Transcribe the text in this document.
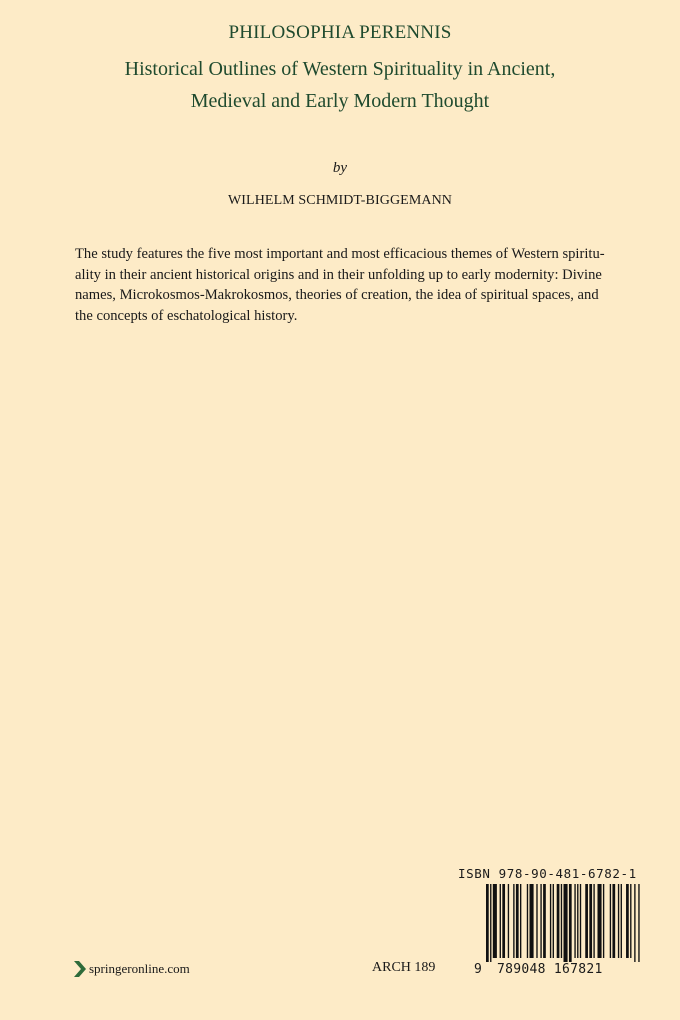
PHILOSOPHIA PERENNIS
Historical Outlines of Western Spirituality in Ancient,
Medieval and Early Modern Thought
by
WILHELM SCHMIDT-BIGGEMANN
The study features the five most important and most efficacious themes of Western spiritu-
ality in their ancient historical origins and in their unfolding up to early modernity: Divine
names, Microkosmos-Makrokosmos, theories of creation, the idea of spiritual spaces, and
the concepts of eschatological history.
springeronline.com	ARCH 189
ISBN 978-90-481-6782-1
9 789048 167821
